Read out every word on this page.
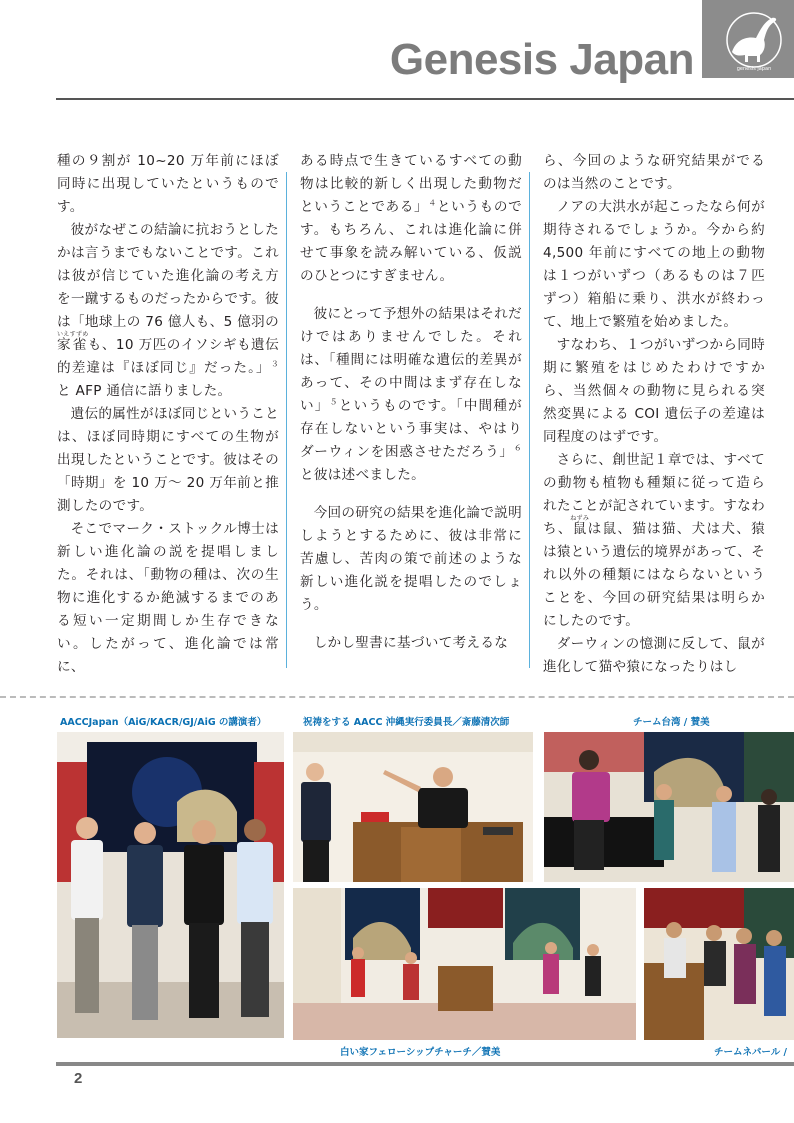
Genesis Japan	genesis japan

種の９割が 10~20 万年前にほぼ同時に出現していたというものです。

彼がなぜこの結論に抗おうとしたかは言うまでもないことです。これは彼が信じていた進化論の考え方を一蹴するものだったからです。彼は「地球上の 76 億人も、5 億羽の家雀いえすずめも、10 万匹のイソシギも遺伝的差違は『ほぼ同じ』だった。」$^3$と AFP 通信に語りました。

遺伝的属性がほぼ同じということは、ほぼ同時期にすべての生物が出現したということです。彼はその「時期」を 10 万～ 20 万年前と推測したのです。

そこでマーク・ストックル博士は新しい進化論の説を提唱しました。それは、「動物の種は、次の生物に進化するか絶滅するまでのある短い一定期間しか生存できない。したがって、進化論では常に、

ある時点で生きているすべての動物は比較的新しく出現した動物だということである」$^4$というものです。もちろん、これは進化論に併せて事象を読み解いている、仮説のひとつにすぎません。

彼にとって予想外の結果はそれだけではありませんでした。それは、「種間には明確な遺伝的差異があって、その中間はまず存在しない」$^5$というものです。「中間種が存在しないという事実は、やはりダーウィンを困惑させただろう」$^6$と彼は述べました。

今回の研究の結果を進化論で説明しようとするために、彼は非常に苦慮し、苦肉の策で前述のような新しい進化説を提唱したのでしょう。

しかし聖書に基づいて考えるな

ら、今回のような研究結果がでるのは当然のことです。

ノアの大洪水が起こったなら何が期待されるでしょうか。今から約 4,500 年前にすべての地上の動物は１つがいずつ（あるものは７匹ずつ）箱船に乗り、洪水が終わって、地上で繁殖を始めました。

すなわち、１つがいずつから同時期に繁殖をはじめたわけですから、当然個々の動物に見られる突然変異による COI 遺伝子の差違は同程度のはずです。

さらに、創世記１章では、すべての動物も植物も種類に従って造られたことが記されています。すなわち、鼠ねずみは鼠、猫は猫、犬は犬、猿は猿という遺伝的境界があって、それ以外の種類にはならないということを、今回の研究結果は明らかにしたのです。

ダーウィンの憶測に反して、鼠が進化して猫や猿になったりはし

AACCJapan（AiG/KACR/GJ/AiG の講演者）	祝祷をする AACC 沖縄実行委員長／斎藤清次師	チーム台湾 / 賛美
白い家フェローシップチャーチ／賛美	チームネパール /
2
